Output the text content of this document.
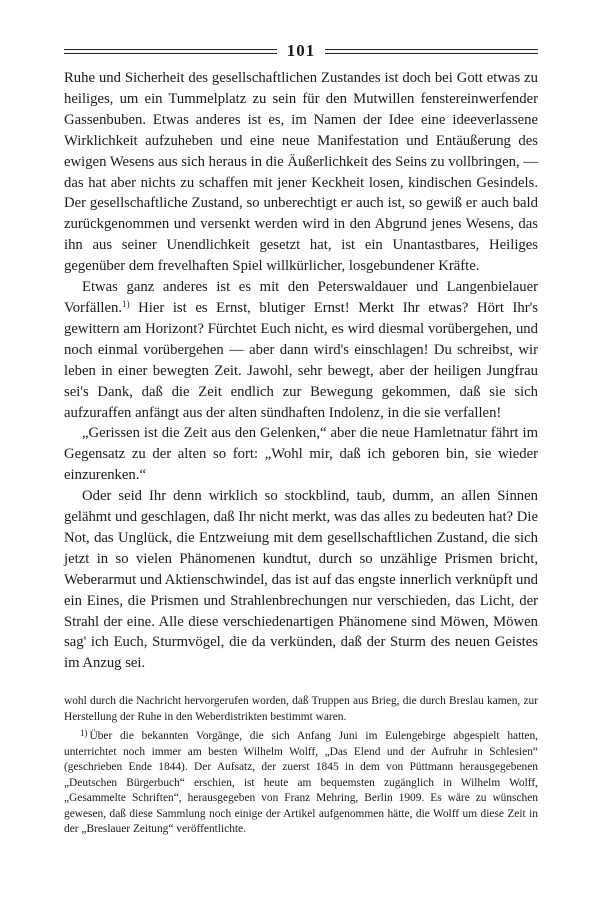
101

Ruhe und Sicherheit des gesellschaftlichen Zustandes ist doch bei Gott etwas zu heiliges, um ein Tummelplatz zu sein für den Mutwillen fenstereinwerfender Gassenbuben. Etwas anderes ist es, im Namen der Idee eine ideeverlassene Wirklichkeit aufzuheben und eine neue Manifestation und Entäußerung des ewigen Wesens aus sich heraus in die Äußerlichkeit des Seins zu vollbringen, — das hat aber nichts zu schaffen mit jener Keckheit losen, kindischen Gesindels. Der gesellschaftliche Zustand, so unberechtigt er auch ist, so gewiß er auch bald zurückgenommen und versenkt werden wird in den Abgrund jenes Wesens, das ihn aus seiner Unendlichkeit gesetzt hat, ist ein Unantastbares, Heiliges gegenüber dem frevelhaften Spiel willkürlicher, losgebundener Kräfte.

Etwas ganz anderes ist es mit den Peterswaldauer und Langenbielauer Vorfällen.$^{1)}$ Hier ist es Ernst, blutiger Ernst! Merkt Ihr etwas? Hört Ihr's gewittern am Horizont? Fürchtet Euch nicht, es wird diesmal vorübergehen, und noch einmal vorübergehen — aber dann wird's einschlagen! Du schreibst, wir leben in einer bewegten Zeit. Jawohl, sehr bewegt, aber der heiligen Jungfrau sei's Dank, daß die Zeit endlich zur Bewegung gekommen, daß sie sich aufzuraffen anfängt aus der alten sündhaften Indolenz, in die sie verfallen!

„Gerissen ist die Zeit aus den Gelenken,“ aber die neue Hamletnatur fährt im Gegensatz zu der alten so fort: „Wohl mir, daß ich geboren bin, sie wieder einzurenken.“

Oder seid Ihr denn wirklich so stockblind, taub, dumm, an allen Sinnen gelähmt und geschlagen, daß Ihr nicht merkt, was das alles zu bedeuten hat? Die Not, das Unglück, die Entzweiung mit dem gesellschaftlichen Zustand, die sich jetzt in so vielen Phänomenen kundtut, durch so unzählige Prismen bricht, Weberarmut und Aktienschwindel, das ist auf das engste innerlich verknüpft und ein Eines, die Prismen und Strahlenbrechungen nur verschieden, das Licht, der Strahl der eine. Alle diese verschiedenartigen Phänomene sind Möwen, Möwen sag' ich Euch, Sturmvögel, die da verkünden, daß der Sturm des neuen Geistes im Anzug sei.

wohl durch die Nachricht hervorgerufen worden, daß Truppen aus Brieg, die durch Breslau kamen, zur Herstellung der Ruhe in den Weberdistrikten bestimmt waren.

$^{1)}$ Über die bekannten Vorgänge, die sich Anfang Juni im Eulengebirge abgespielt hatten, unterrichtet noch immer am besten Wilhelm Wolff, „Das Elend und der Aufruhr in Schlesien“ (geschrieben Ende 1844). Der Aufsatz, der zuerst 1845 in dem von Püttmann herausgegebenen „Deutschen Bürgerbuch“ erschien, ist heute am bequemsten zugänglich in Wilhelm Wolff, „Gesammelte Schriften“, herausgegeben von Franz Mehring, Berlin 1909. Es wäre zu wünschen gewesen, daß diese Sammlung noch einige der Artikel aufgenommen hätte, die Wolff um diese Zeit in der „Breslauer Zeitung“ veröffentlichte.
